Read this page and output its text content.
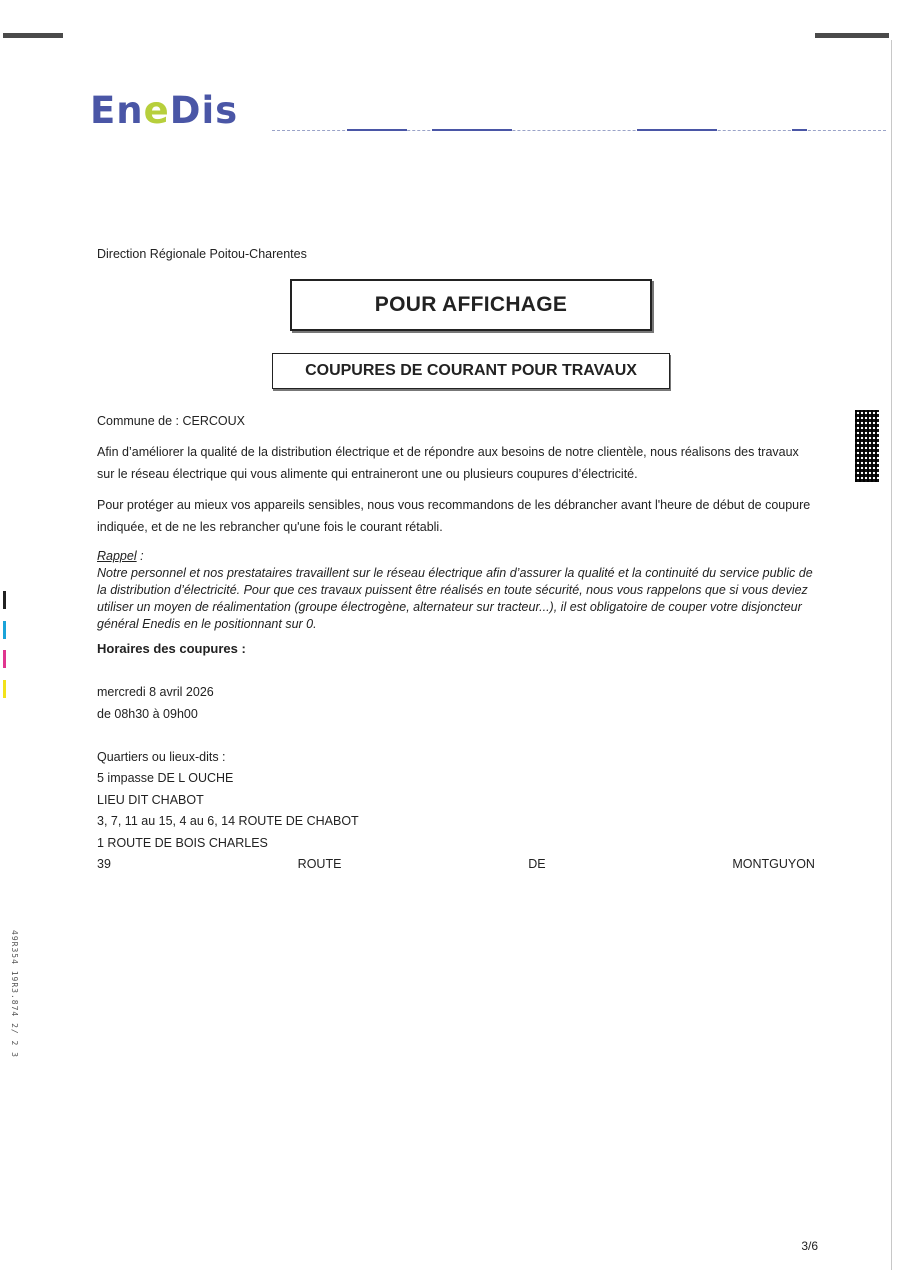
EneDis
Direction Régionale Poitou-Charentes
POUR AFFICHAGE
COUPURES DE COURANT POUR TRAVAUX
Commune de : CERCOUX
Afin d’améliorer la qualité de la distribution électrique et de répondre aux besoins de notre clientèle, nous réalisons des travaux sur le réseau électrique qui vous alimente qui entraineront une ou plusieurs coupures d’électricité.
Pour protéger au mieux vos appareils sensibles, nous vous recommandons de les débrancher avant l'heure de début de coupure indiquée, et de ne les rebrancher qu'une fois le courant rétabli.
Rappel :
Notre personnel et nos prestataires travaillent sur le réseau électrique afin d’assurer la qualité et la continuité du service public de la distribution d’électricité. Pour que ces travaux puissent être réalisés en toute sécurité, nous vous rappelons que si vous deviez utiliser un moyen de réalimentation (groupe électrogène, alternateur sur tracteur...), il est obligatoire de couper votre disjoncteur général Enedis en le positionnant sur 0.
Horaires des coupures :
mercredi 8 avril 2026
de 08h30 à 09h00
Quartiers ou lieux-dits :
5 impasse DE L OUCHE
LIEU DIT CHABOT
3, 7, 11 au 15, 4 au 6, 14 ROUTE DE CHABOT
1 ROUTE DE BOIS CHARLES
39	ROUTE	DE	MONTGUYON
49R354 19R3.874 2/ 2 3
3/6
